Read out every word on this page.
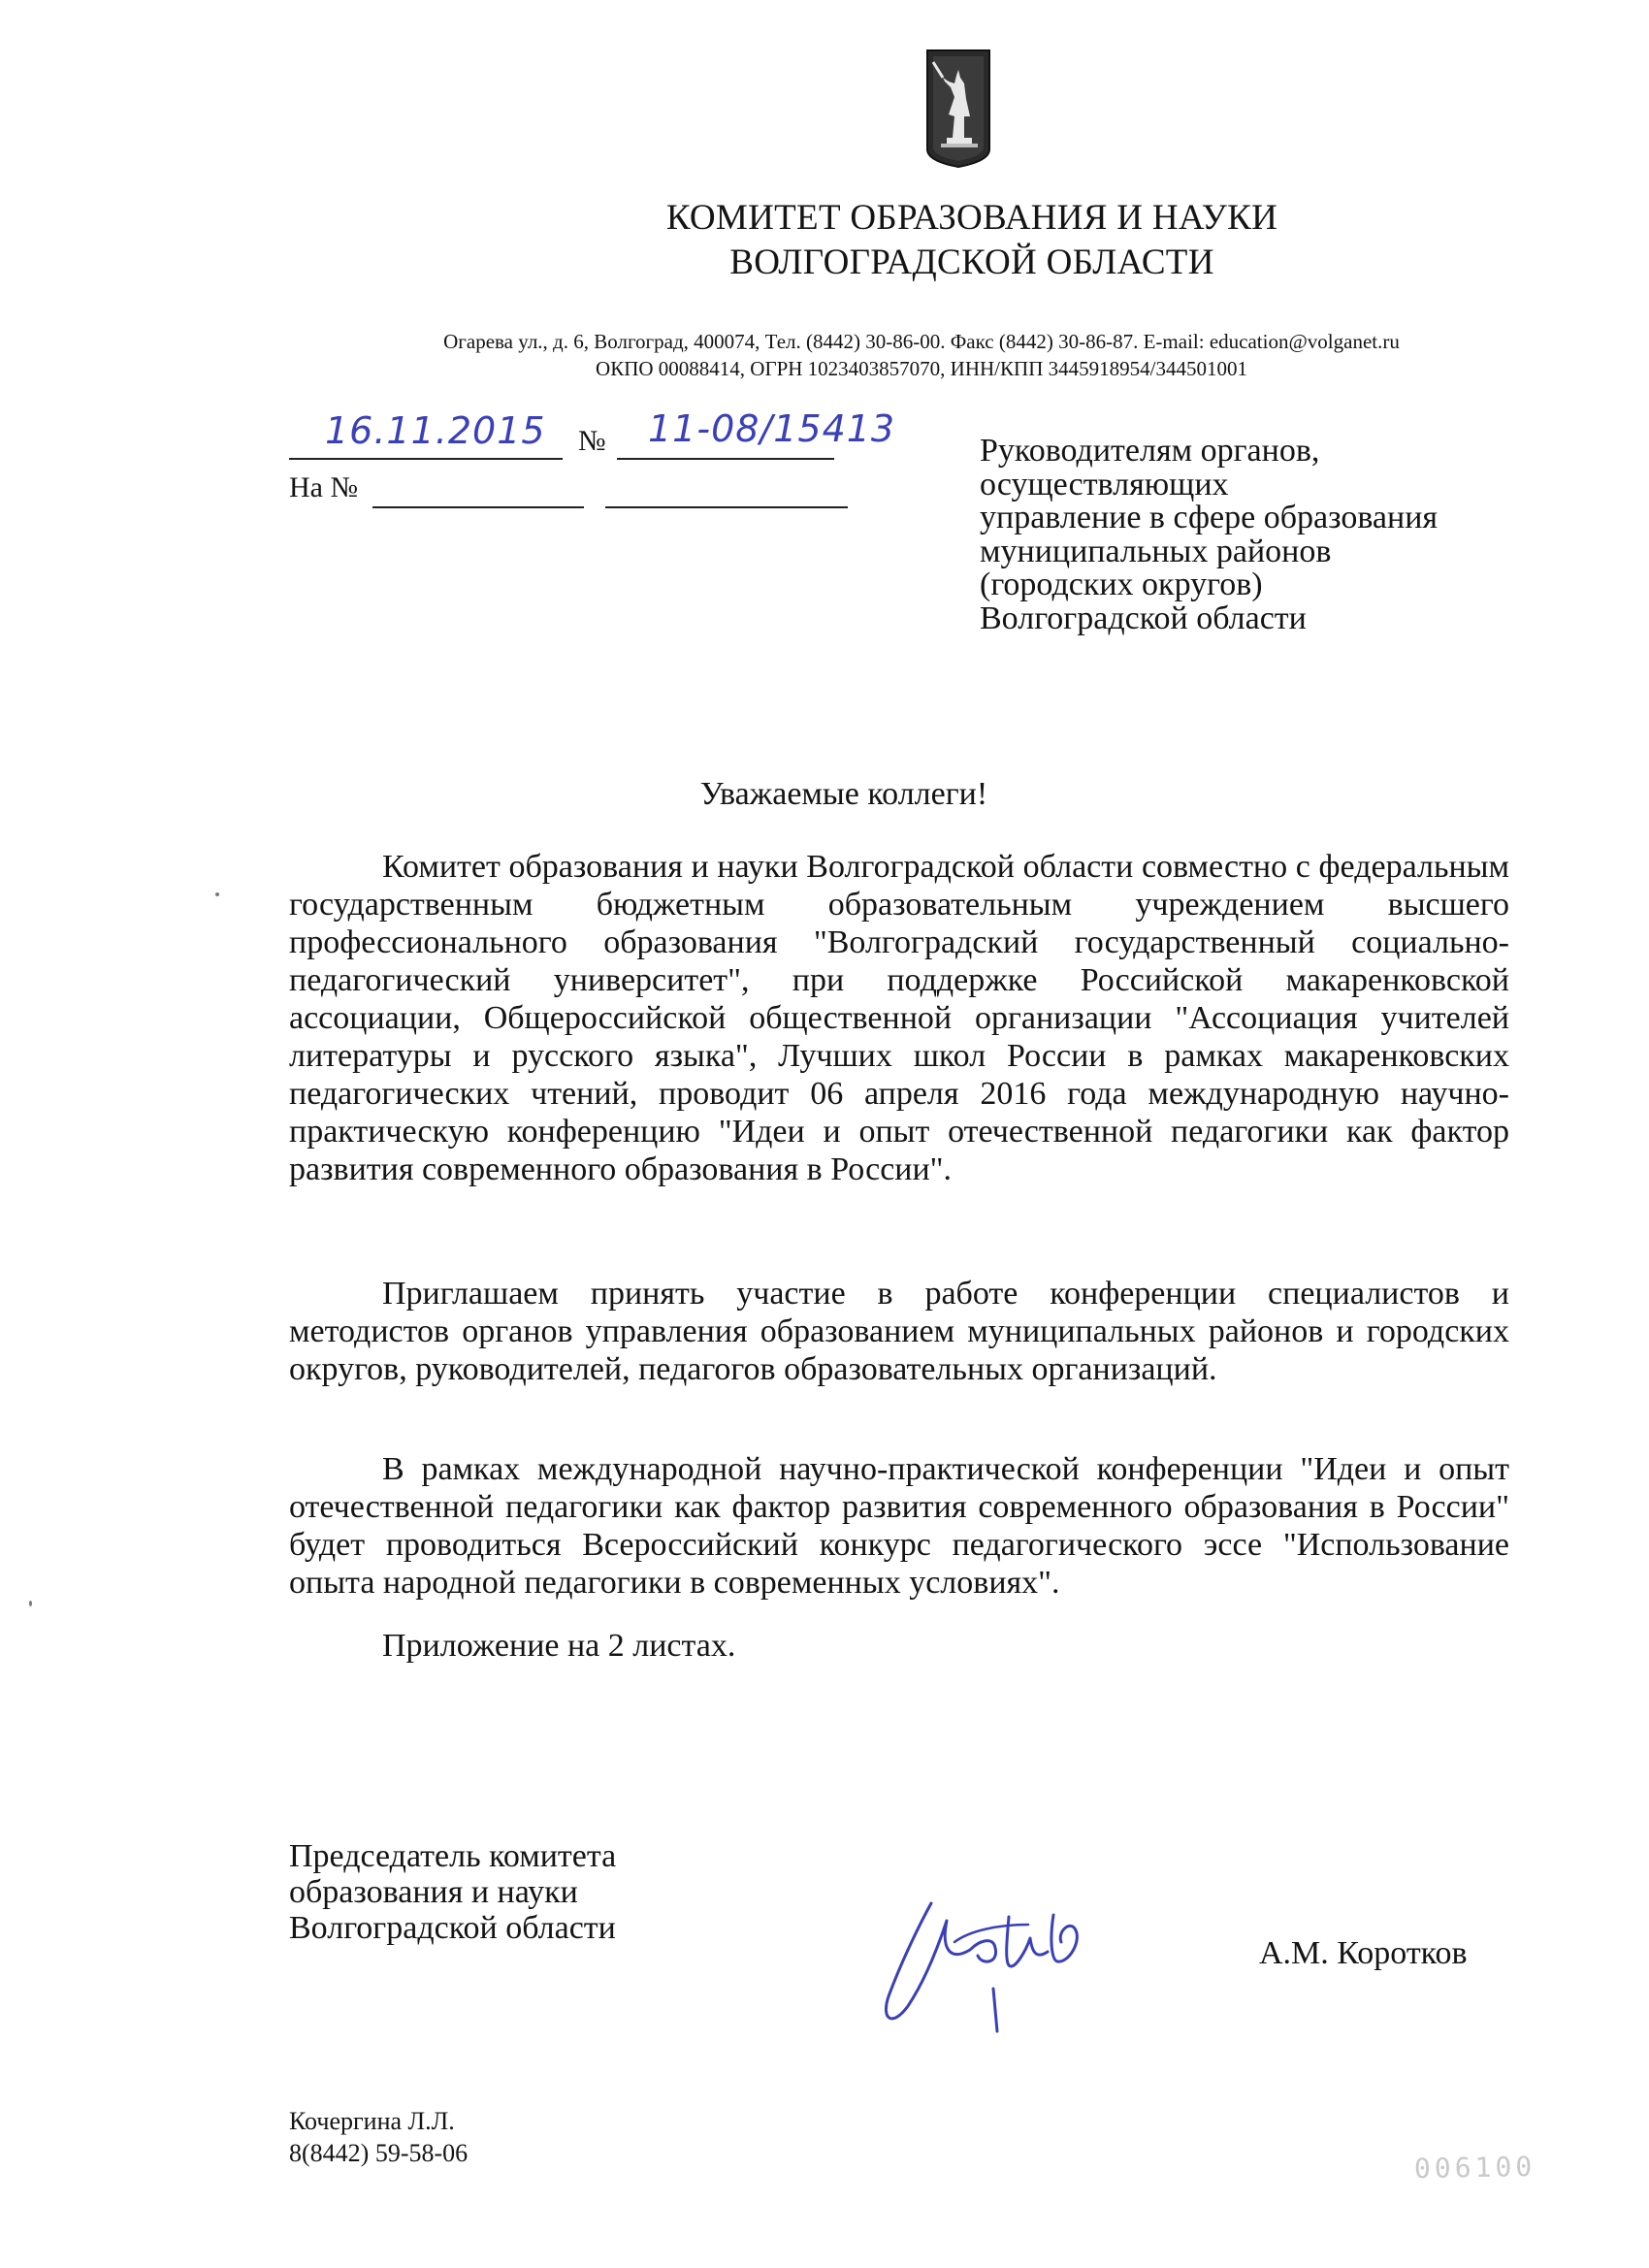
КОМИТЕТ ОБРАЗОВАНИЯ И НАУКИ
ВОЛГОГРАДСКОЙ ОБЛАСТИ
Огарева ул., д. 6, Волгоград, 400074, Тел. (8442) 30-86-00. Факс (8442) 30-86-87. E-mail: education@volganet.ru
ОКПО 00088414, ОГРН 1023403857070, ИНН/КПП 3445918954/344501001
16.11.2015 № 11-08/15413
На №
Руководителям органов,
осуществляющих
управление в сфере образования
муниципальных районов
(городских округов)
Волгоградской области
Уважаемые коллеги!
Комитет образования и науки Волгоградской области совместно с федеральным государственным бюджетным образовательным учреждением высшего профессионального образования "Волгоградский государственный социально-педагогический университет", при поддержке Российской макаренковской ассоциации, Общероссийской общественной организации "Ассоциация учителей литературы и русского языка", Лучших школ России в рамках макаренковских педагогических чтений, проводит 06 апреля 2016 года международную научно-практическую конференцию "Идеи и опыт отечественной педагогики как фактор развития современного образования в России".
Приглашаем принять участие в работе конференции специалистов и методистов органов управления образованием муниципальных районов и городских округов, руководителей, педагогов образовательных организаций.
В рамках международной научно-практической конференции "Идеи и опыт отечественной педагогики как фактор развития современного образования в России" будет проводиться Всероссийский конкурс педагогического эссе "Использование опыта народной педагогики в современных условиях".
Приложение на 2 листах.
Председатель комитета
образования и науки
Волгоградской области
А.М. Коротков
Кочергина Л.Л.
8(8442) 59-58-06	006100
